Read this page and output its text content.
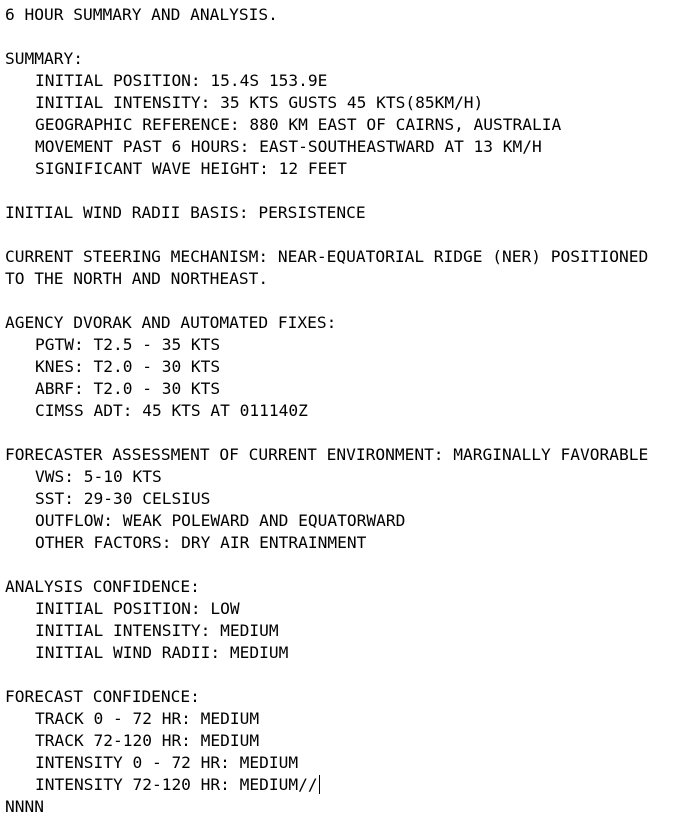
6 HOUR SUMMARY AND ANALYSIS.
SUMMARY:
INITIAL POSITION: 15.4S 153.9E
INITIAL INTENSITY: 35 KTS GUSTS 45 KTS(85KM/H)
GEOGRAPHIC REFERENCE: 880 KM EAST OF CAIRNS, AUSTRALIA
MOVEMENT PAST 6 HOURS: EAST-SOUTHEASTWARD AT 13 KM/H
SIGNIFICANT WAVE HEIGHT: 12 FEET
INITIAL WIND RADII BASIS: PERSISTENCE
CURRENT STEERING MECHANISM: NEAR-EQUATORIAL RIDGE (NER) POSITIONED
TO THE NORTH AND NORTHEAST.
AGENCY DVORAK AND AUTOMATED FIXES:
PGTW: T2.5 - 35 KTS
KNES: T2.0 - 30 KTS
ABRF: T2.0 - 30 KTS
CIMSS ADT: 45 KTS AT 011140Z
FORECASTER ASSESSMENT OF CURRENT ENVIRONMENT: MARGINALLY FAVORABLE
VWS: 5-10 KTS
SST: 29-30 CELSIUS
OUTFLOW: WEAK POLEWARD AND EQUATORWARD
OTHER FACTORS: DRY AIR ENTRAINMENT
ANALYSIS CONFIDENCE:
INITIAL POSITION: LOW
INITIAL INTENSITY: MEDIUM
INITIAL WIND RADII: MEDIUM
FORECAST CONFIDENCE:
TRACK 0 - 72 HR: MEDIUM
TRACK 72-120 HR: MEDIUM
INTENSITY 0 - 72 HR: MEDIUM
INTENSITY 72-120 HR: MEDIUM//
NNNN
